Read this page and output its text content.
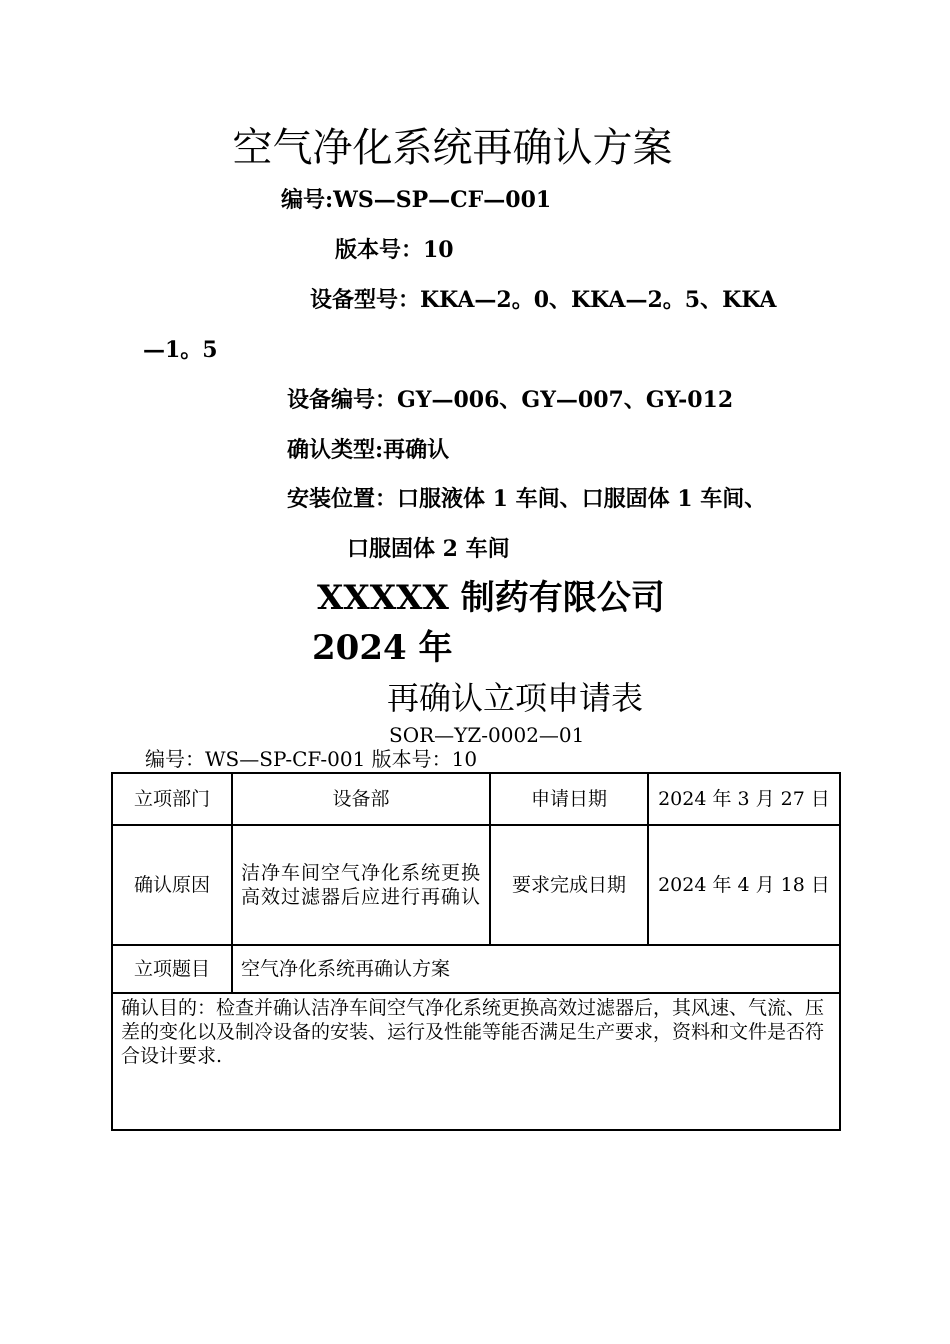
空气净化系统再确认方案
编号:WS—SP—CF—001
版本号：10
设备型号：KKA—2。0、KKA—2。5、KKA
—1。5
设备编号：GY—006、GY—007、GY-012
确认类型:再确认
安装位置：口服液体 1 车间、口服固体 1 车间、
口服固体 2 车间
XXXXX 制药有限公司
2024 年
再确认立项申请表
SOR—YZ-0002—01
编号：WS—SP-CF-001 版本号：10
立项部门	设备部	申请日期	2024 年 3 月 27 日
确认原因	洁净车间空气净化系统更换高效过滤器后应进行再确认	要求完成日期	2024 年 4 月 18 日
立项题目	空气净化系统再确认方案		
确认目的：检查并确认洁净车间空气净化系统更换高效过滤器后，其风速、气流、压差的变化以及制冷设备的安装、运行及性能等能否满足生产要求，资料和文件是否符合设计要求.			
